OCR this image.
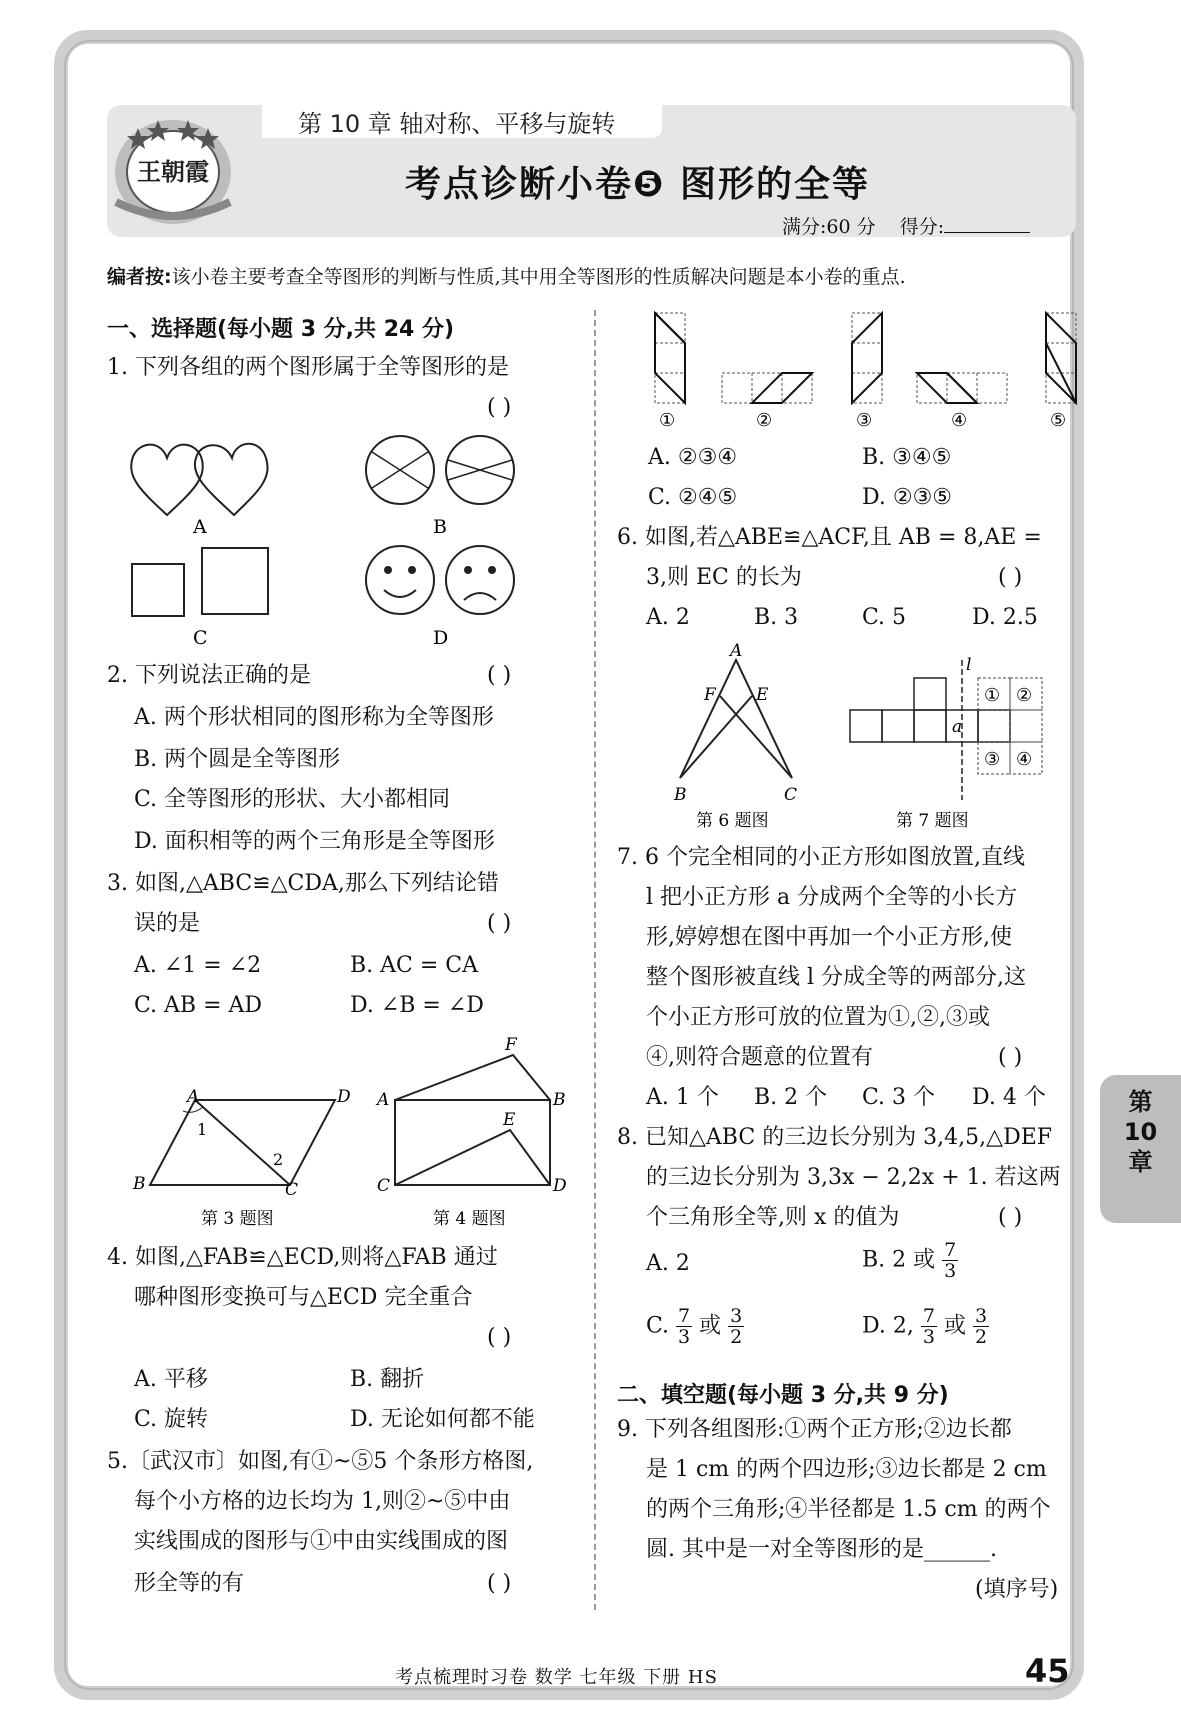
第 10 章 轴对称、平移与旋转
王朝霞	考点诊断小卷❺ 图形的全等
满分:60 分 得分:
编者按:该小卷主要考查全等图形的判断与性质,其中用全等图形的性质解决问题是本小卷的重点.
一、选择题(每小题 3 分,共 24 分)
1. 下列各组的两个图形属于全等图形的是
( )
A	B
C	D
2. 下列说法正确的是	( )
A. 两个形状相同的图形称为全等图形
B. 两个圆是全等图形
C. 全等图形的形状、大小都相同
D. 面积相等的两个三角形是全等图形
3. 如图,△ABC≌△CDA,那么下列结论错
误的是	( )
A. ∠1 = ∠2	B. AC = CA
C. AB = AD	D. ∠B = ∠D
A	D
B	C
1
2
第 3 题图
A	B
C	D
F
E
第 4 题图
4. 如图,△FAB≌△ECD,则将△FAB 通过
哪种图形变换可与△ECD 完全重合
( )
A. 平移	B. 翻折
C. 旋转	D. 无论如何都不能
5.〔武汉市〕如图,有①~⑤5 个条形方格图,
每个小方格的边长均为 1,则②~⑤中由
实线围成的图形与①中由实线围成的图
形全等的有	( )
①	②	③	④	⑤
A. ②③④	B. ③④⑤
C. ②④⑤	D. ②③⑤
6. 如图,若△ABE≌△ACF,且 AB = 8,AE =
3,则 EC 的长为	( )
A. 2	B. 3	C. 5	D. 2.5
A
F E
B	C
第 6 题图
l
a
① ②
③ ④
第 7 题图
7. 6 个完全相同的小正方形如图放置,直线
l 把小正方形 a 分成两个全等的小长方
形,婷婷想在图中再加一个小正方形,使
整个图形被直线 l 分成全等的两部分,这
个小正方形可放的位置为①,②,③或
④,则符合题意的位置有	( )
A. 1 个 B. 2 个 C. 3 个 D. 4 个
8. 已知△ABC 的三边长分别为 3,4,5,△DEF
的三边长分别为 3,3x − 2,2x + 1. 若这两
个三角形全等,则 x 的值为	( )
A. 2	B. 2 或 $\frac{7}{3}$
C. $\frac{7}{3}$ 或 $\frac{3}{2}$	D. 2, $\frac{7}{3}$ 或 $\frac{3}{2}$
二、填空题(每小题 3 分,共 9 分)
9. 下列各组图形:①两个正方形;②边长都
是 1 cm 的两个四边形;③边长都是 2 cm
的两个三角形;④半径都是 1.5 cm 的两个
圆. 其中是一对全等图形的是______.
(填序号)
第
10
章
考点梳理时习卷 数学 七年级 下册 HS	45
